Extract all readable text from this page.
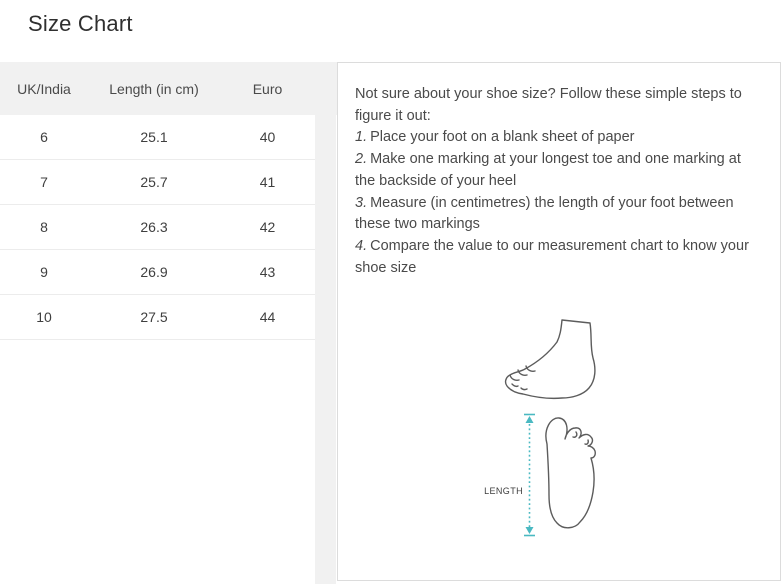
Size Chart
UK/India	Length (in cm)	Euro
6	25.1	40
7	25.7	41
8	26.3	42
9	26.9	43
10	27.5	44

Not sure about your shoe size? Follow these simple steps to figure it out:

1. Place your foot on a blank sheet of paper
2. Make one marking at your longest toe and one marking at the backside of your heel
3. Measure (in centimetres) the length of your foot between these two markings
4. Compare the value to our measurement chart to know your shoe size
LENGTH
